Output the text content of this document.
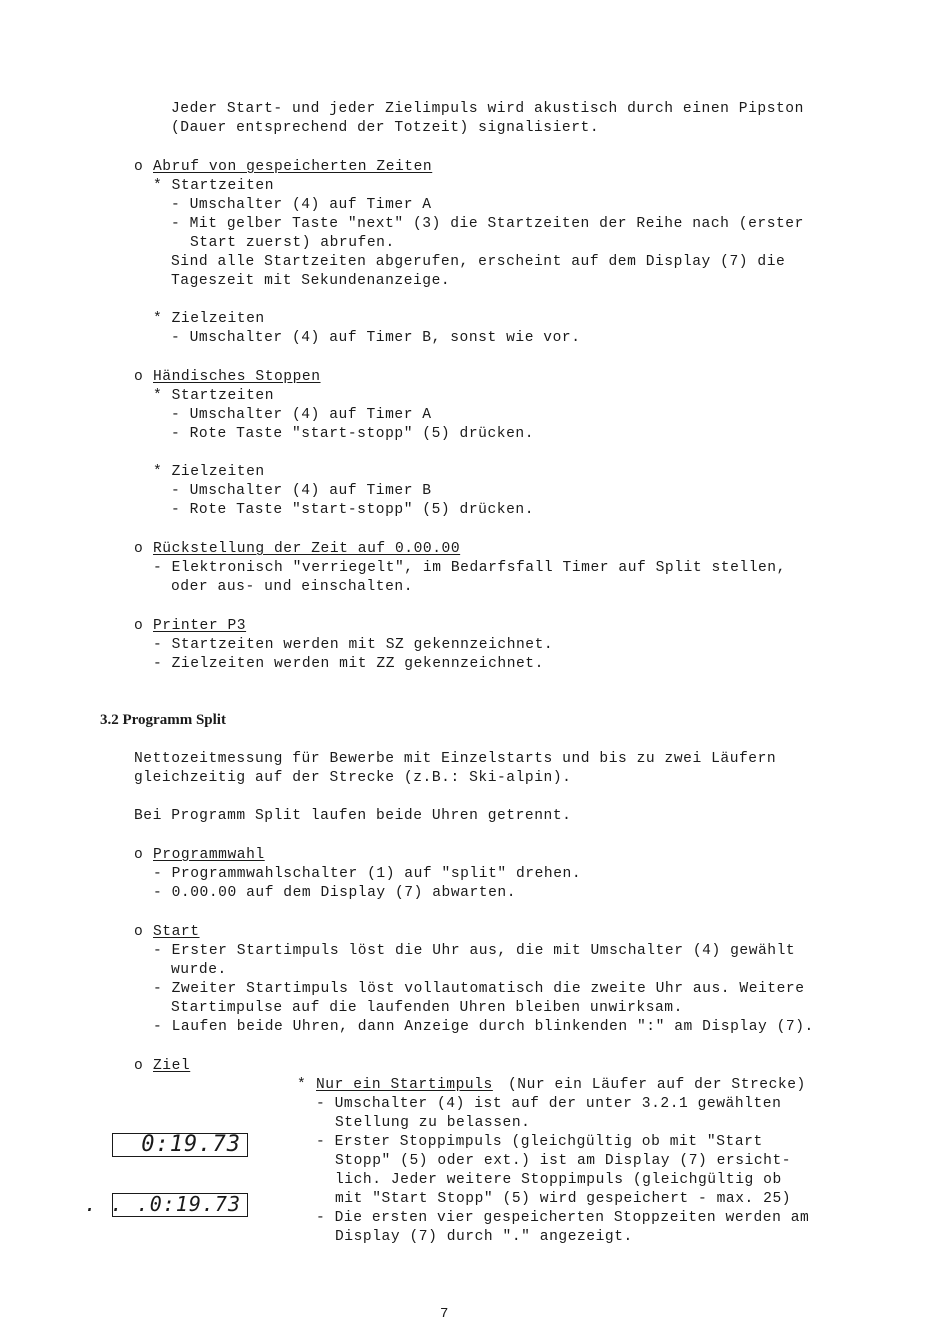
Jeder Start- und jeder Zielimpuls wird akustisch durch einen Pipston
(Dauer entsprechend der Totzeit) signalisiert.
o Abruf von gespeicherten Zeiten
* Startzeiten
- Umschalter (4) auf Timer A
- Mit gelber Taste "next" (3) die Startzeiten der Reihe nach (erster
Start zuerst) abrufen.
Sind alle Startzeiten abgerufen, erscheint auf dem Display (7) die
Tageszeit mit Sekundenanzeige.
* Zielzeiten
- Umschalter (4) auf Timer B, sonst wie vor.
o Händisches Stoppen
* Startzeiten
- Umschalter (4) auf Timer A
- Rote Taste "start-stopp" (5) drücken.
* Zielzeiten
- Umschalter (4) auf Timer B
- Rote Taste "start-stopp" (5) drücken.
o Rückstellung der Zeit auf 0.00.00
- Elektronisch "verriegelt", im Bedarfsfall Timer auf Split stellen,
oder aus- und einschalten.
o Printer P3
- Startzeiten werden mit SZ gekennzeichnet.
- Zielzeiten werden mit ZZ gekennzeichnet.
3.2 Programm Split
Nettozeitmessung für Bewerbe mit Einzelstarts und bis zu zwei Läufern
gleichzeitig auf der Strecke (z.B.: Ski-alpin).
Bei Programm Split laufen beide Uhren getrennt.
o Programmwahl
- Programmwahlschalter (1) auf "split" drehen.
- 0.00.00 auf dem Display (7) abwarten.
o Start
- Erster Startimpuls löst die Uhr aus, die mit Umschalter (4) gewählt
wurde.
- Zweiter Startimpuls löst vollautomatisch die zweite Uhr aus. Weitere
Startimpulse auf die laufenden Uhren bleiben unwirksam.
- Laufen beide Uhren, dann Anzeige durch blinkenden ":" am Display (7).
o Ziel
* Nur ein Startimpuls (Nur ein Läufer auf der Strecke)
- Umschalter (4) ist auf der unter 3.2.1 gewählten
Stellung zu belassen.
- Erster Stoppimpuls (gleichgültig ob mit "Start
Stopp" (5) oder ext.) ist am Display (7) ersicht-
lich. Jeder weitere Stoppimpuls (gleichgültig ob
mit "Start Stopp" (5) wird gespeichert - max. 25)
- Die ersten vier gespeicherten Stoppzeiten werden am
Display (7) durch "." angezeigt.
0:19.73
. . .0:19.73
7
